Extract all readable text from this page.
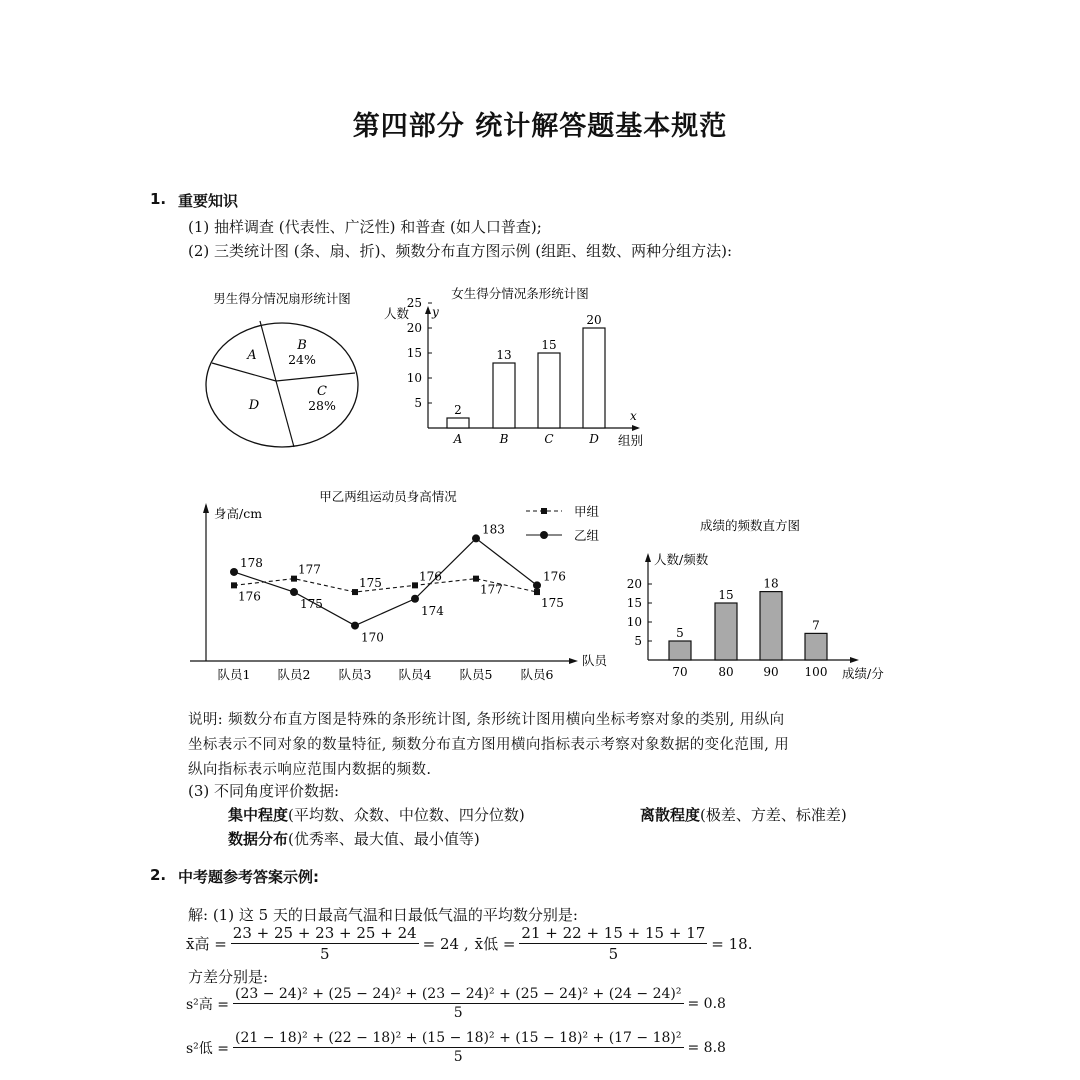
第四部分 统计解答题基本规范
1. 重要知识
(1) 抽样调查 (代表性、广泛性) 和普查 (如人口普查);
(2) 三类统计图 (条、扇、折)、频数分布直方图示例 (组距、组数、两种分组方法):
男生得分情况扇形统计图
A
B
24%
C
28%
D
女生得分情况条形统计图
人数 y
x
组别
5
10
15
20
25
2
A
13
B
15
C
20
D
甲乙两组运动员身高情况
身高/cm
队员
队员1 队员2 队员3 队员4 队员5 队员6
176
177
175	176
177
175
178
175
170
174
183
176
甲组
乙组
成绩的频数直方图
人数/频数
成绩/分
5
10
15
20
5
70
15
80
18
90
7
100
说明: 频数分布直方图是特殊的条形统计图, 条形统计图用横向坐标考察对象的类别, 用纵向
坐标表示不同对象的数量特征, 频数分布直方图用横向指标表示考察对象数据的变化范围, 用
纵向指标表示响应范围内数据的频数.
(3) 不同角度评价数据:
集中程度(平均数、众数、中位数、四分位数)	离散程度(极差、方差、标准差)
数据分布(优秀率、最大值、最小值等)
2. 中考题参考答案示例:
解: (1) 这 5 天的日最高气温和日最低气温的平均数分别是:
x̄高 = $\frac{23 + 25 + 23 + 25 + 24}{5} = 24$ , x̄低 = $\frac{21 + 22 + 15 + 15 + 17}{5} = 18$.
方差分别是:
s²高 =
(23 − 24)² + (25 − 24)² + (23 − 24)² + (25 − 24)² + (24 − 24)²
5
= 0.8
s²低 =
(21 − 18)² + (22 − 18)² + (15 − 18)² + (15 − 18)² + (17 − 18)²
5
= 8.8
